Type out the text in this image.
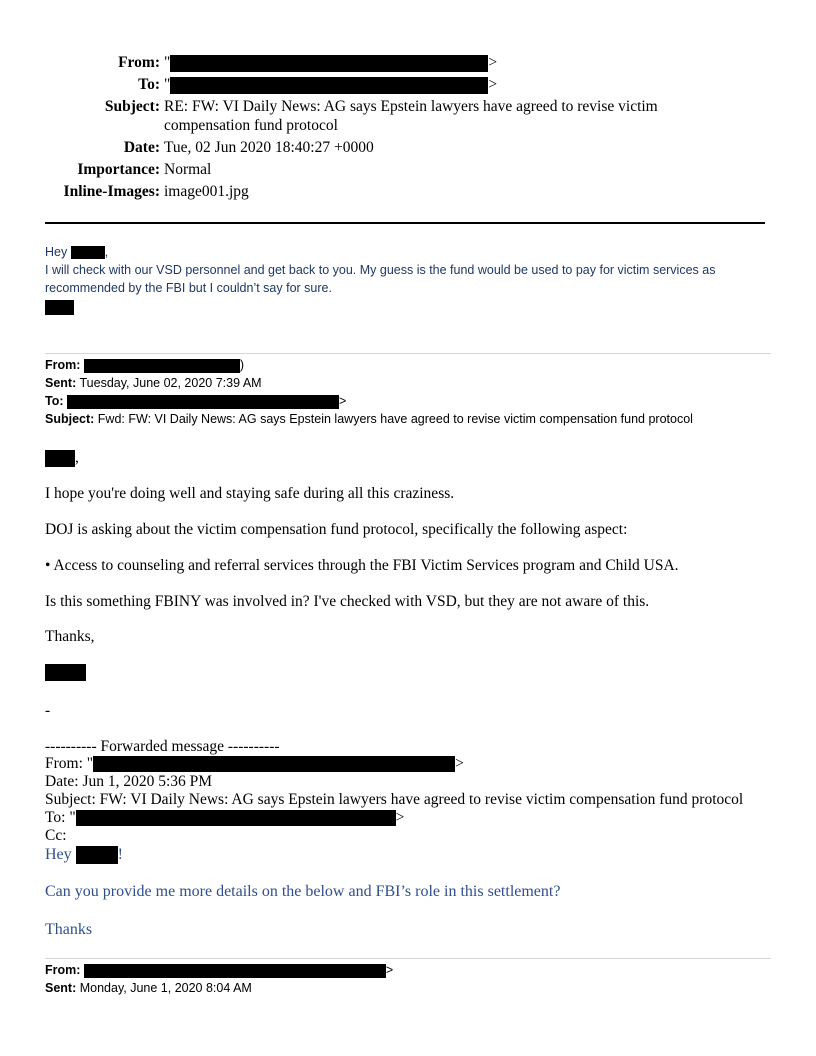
From: "	>
To: "	>
Subject: RE: FW: VI Daily News: AG says Epstein lawyers have agreed to revise victim
compensation fund protocol
Date: Tue, 02 Jun 2020 18:40:27 +0000
Importance: Normal
Inline-Images: image001.jpg
Hey	,
I will check with our VSD personnel and get back to you. My guess is the fund would be used to pay for victim services as
recommended by the FBI but I couldn’t say for sure.
From:	)
Sent: Tuesday, June 02, 2020 7:39 AM
To:	>
Subject: Fwd: FW: VI Daily News: AG says Epstein lawyers have agreed to revise victim compensation fund protocol
,
I hope you're doing well and staying safe during all this craziness.
DOJ is asking about the victim compensation fund protocol, specifically the following aspect:
• Access to counseling and referral services through the FBI Victim Services program and Child USA.
Is this something FBINY was involved in? I've checked with VSD, but they are not aware of this.
Thanks,
-
---------- Forwarded message ----------
From: "	>
Date: Jun 1, 2020 5:36 PM
Subject: FW: VI Daily News: AG says Epstein lawyers have agreed to revise victim compensation fund protocol
To: "	>
Cc:
Hey	!
Can you provide me more details on the below and FBI’s role in this settlement?
Thanks
From:	>
Sent: Monday, June 1, 2020 8:04 AM
